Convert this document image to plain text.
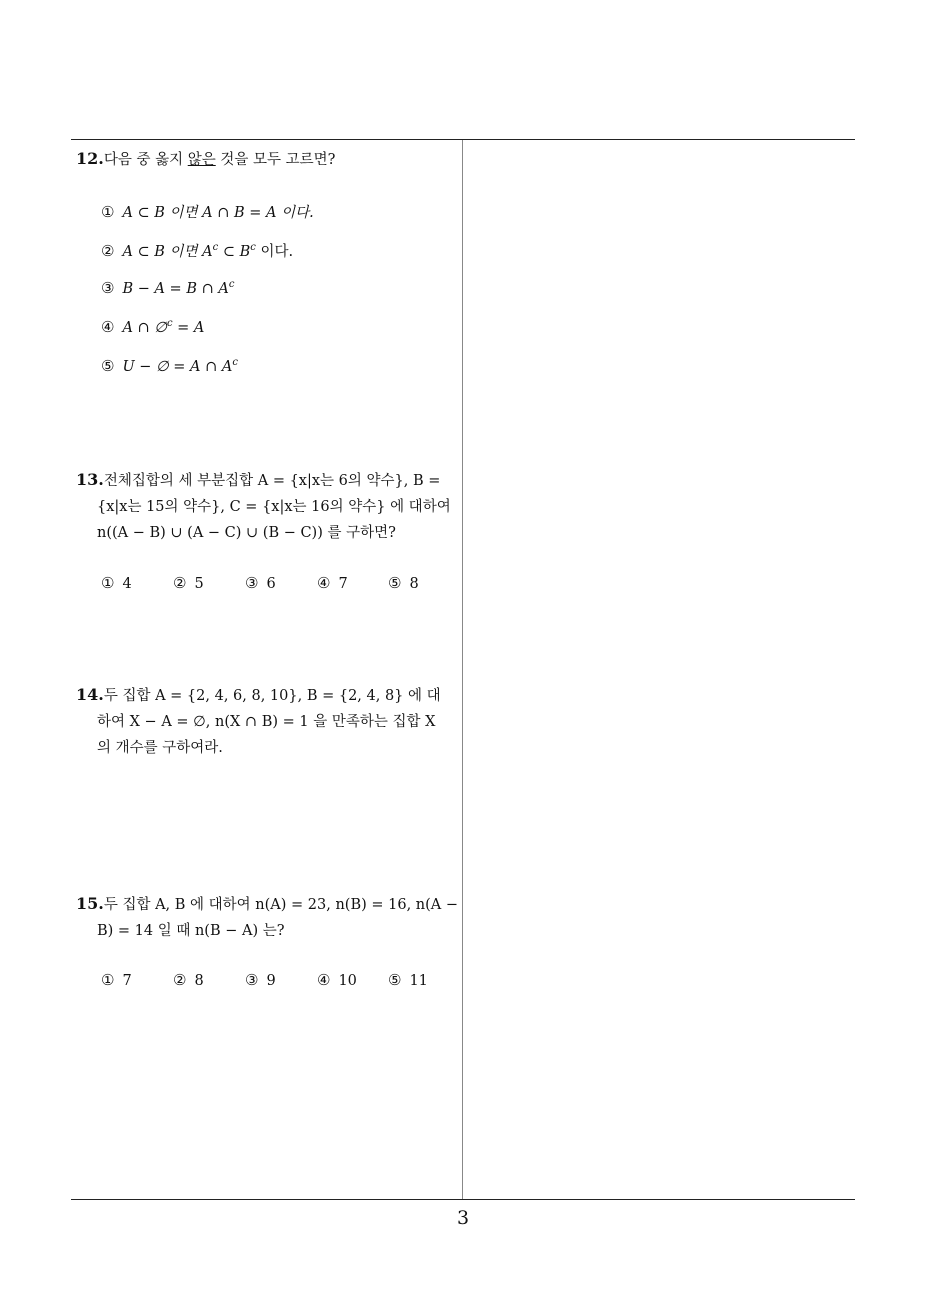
12.다음 중 옳지 않은 것을 모두 고르면?
① A ⊂ B 이면 A ∩ B = A 이다.
② A ⊂ B 이면 $A^c$ ⊂ $B^c$ 이다.
③ B − A = B ∩ $A^c$
④ A ∩ ∅$^c$ = A
⑤ U − ∅ = A ∩ $A^c$
13.전체집합의 세 부분집합 A = {x|x는 6의 약수}, B =
{x|x는 15의 약수}, C = {x|x는 16의 약수} 에 대하여
n((A − B) ∪ (A − C) ∪ (B − C)) 를 구하면?
① 4	② 5	③ 6	④ 7	⑤ 8
14.두 집합 A = {2, 4, 6, 8, 10}, B = {2, 4, 8} 에 대
하여 X − A = ∅, n(X ∩ B) = 1 을 만족하는 집합 X
의 개수를 구하여라.
15.두 집합 A, B 에 대하여 n(A) = 23, n(B) = 16, n(A −
B) = 14 일 때 n(B − A) 는?
① 7	② 8	③ 9	④ 10 ⑤ 11
3
